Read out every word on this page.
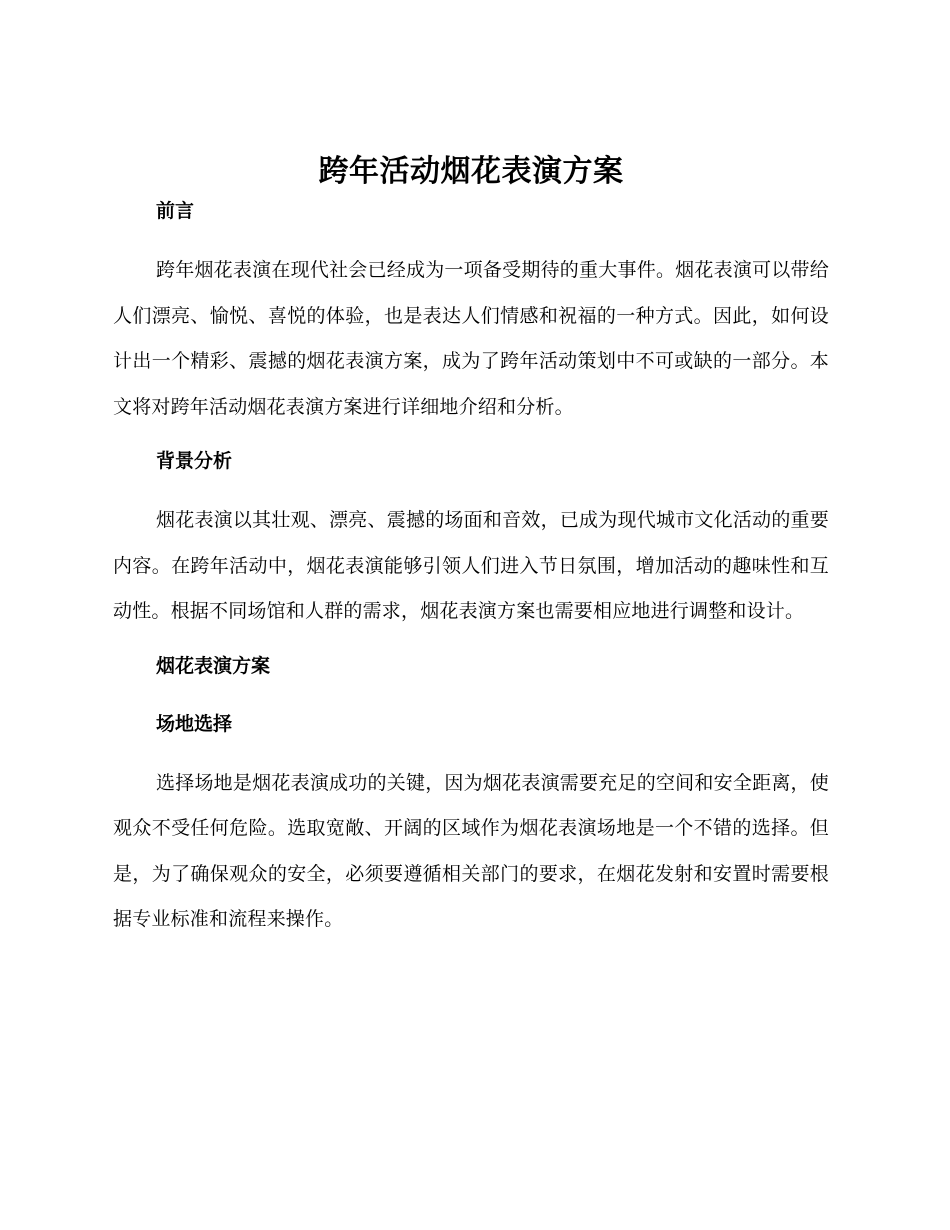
跨年活动烟花表演方案
前言

跨年烟花表演在现代社会已经成为一项备受期待的重大事件。烟花表演可以带给人们漂亮、愉悦、喜悦的体验，也是表达人们情感和祝福的一种方式。因此，如何设计出一个精彩、震撼的烟花表演方案，成为了跨年活动策划中不可或缺的一部分。本文将对跨年活动烟花表演方案进行详细地介绍和分析。

背景分析

烟花表演以其壮观、漂亮、震撼的场面和音效，已成为现代城市文化活动的重要内容。在跨年活动中，烟花表演能够引领人们进入节日氛围，增加活动的趣味性和互动性。根据不同场馆和人群的需求，烟花表演方案也需要相应地进行调整和设计。

烟花表演方案
场地选择

选择场地是烟花表演成功的关键，因为烟花表演需要充足的空间和安全距离，使观众不受任何危险。选取宽敞、开阔的区域作为烟花表演场地是一个不错的选择。但是，为了确保观众的安全，必须要遵循相关部门的要求，在烟花发射和安置时需要根据专业标准和流程来操作。
